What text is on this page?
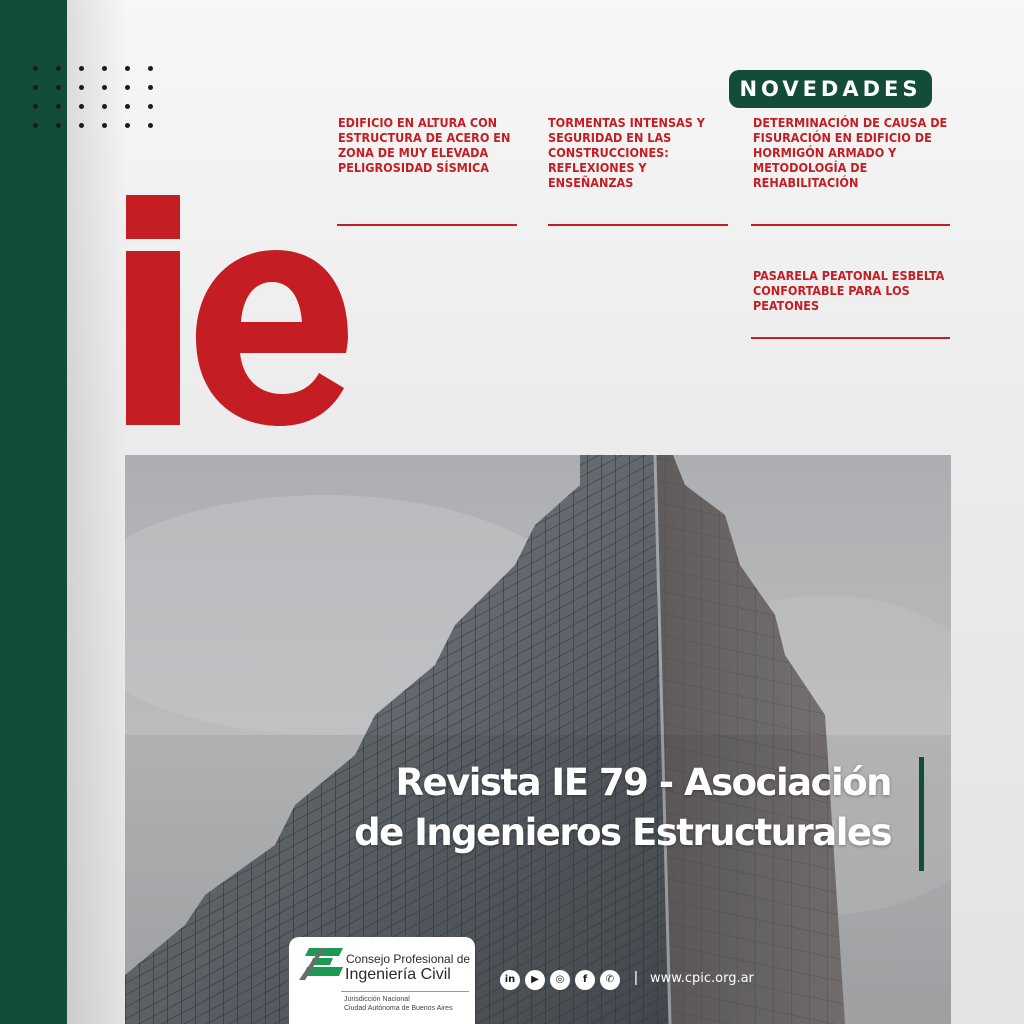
NOVEDADES
EDIFICIO EN ALTURA CON ESTRUCTURA DE ACERO EN ZONA DE MUY ELEVADA PELIGROSIDAD SÍSMICA
TORMENTAS INTENSAS Y SEGURIDAD EN LAS CONSTRUCCIONES: REFLEXIONES Y ENSEÑANZAS
DETERMINACIÓN DE CAUSA DE FISURACIÓN EN EDIFICIO DE HORMIGÓN ARMADO Y METODOLOGÍA DE REHABILITACIÓN
PASARELA PEATONAL ESBELTA CONFORTABLE PARA LOS PEATONES
Revista IE 79 - Asociación
de Ingenieros Estructurales
Consejo Profesional de
Ingeniería Civil
Jurisdicción Nacional
Ciudad Autónoma de Buenos Aires
in	▶	◎	f	✆	| www.cpic.org.ar
